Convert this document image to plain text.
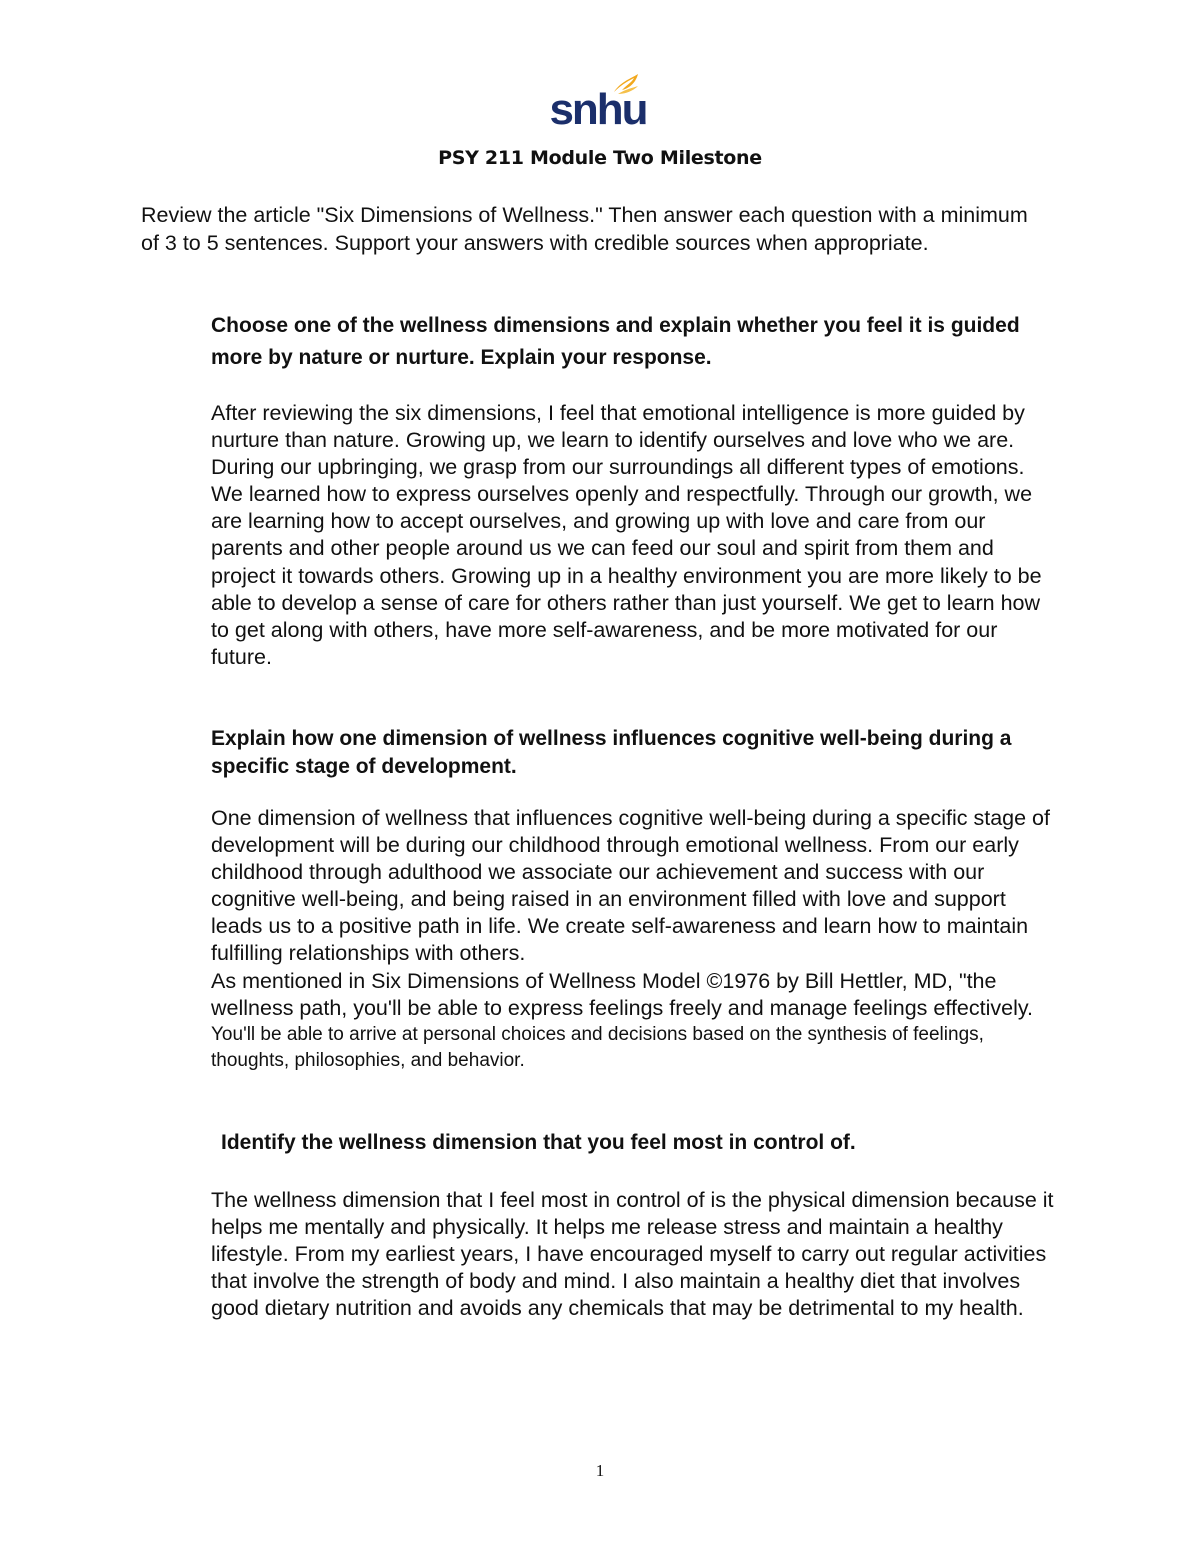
snhu
PSY 211 Module Two Milestone

Review the article "Six Dimensions of Wellness." Then answer each question with a minimum of 3 to 5 sentences. Support your answers with credible sources when appropriate.

Choose one of the wellness dimensions and explain whether you feel it is guided more by nature or nurture. Explain your response.

After reviewing the six dimensions, I feel that emotional intelligence is more guided by nurture than nature. Growing up, we learn to identify ourselves and love who we are. During our upbringing, we grasp from our surroundings all different types of emotions. We learned how to express ourselves openly and respectfully. Through our growth, we are learning how to accept ourselves, and growing up with love and care from our parents and other people around us we can feed our soul and spirit from them and project it towards others. Growing up in a healthy environment you are more likely to be able to develop a sense of care for others rather than just yourself. We get to learn how to get along with others, have more self-awareness, and be more motivated for our future.

Explain how one dimension of wellness influences cognitive well-being during a specific stage of development.

One dimension of wellness that influences cognitive well-being during a specific stage of development will be during our childhood through emotional wellness. From our early childhood through adulthood we associate our achievement and success with our cognitive well-being, and being raised in an environment filled with love and support leads us to a positive path in life. We create self-awareness and learn how to maintain fulfilling relationships with others.
As mentioned in Six Dimensions of Wellness Model ©1976 by Bill Hettler, MD, "the wellness path, you'll be able to express feelings freely and manage feelings effectively.
You'll be able to arrive at personal choices and decisions based on the synthesis of feelings, thoughts, philosophies, and behavior.

Identify the wellness dimension that you feel most in control of.

The wellness dimension that I feel most in control of is the physical dimension because it helps me mentally and physically. It helps me release stress and maintain a healthy lifestyle. From my earliest years, I have encouraged myself to carry out regular activities that involve the strength of body and mind. I also maintain a healthy diet that involves good dietary nutrition and avoids any chemicals that may be detrimental to my health.

1
